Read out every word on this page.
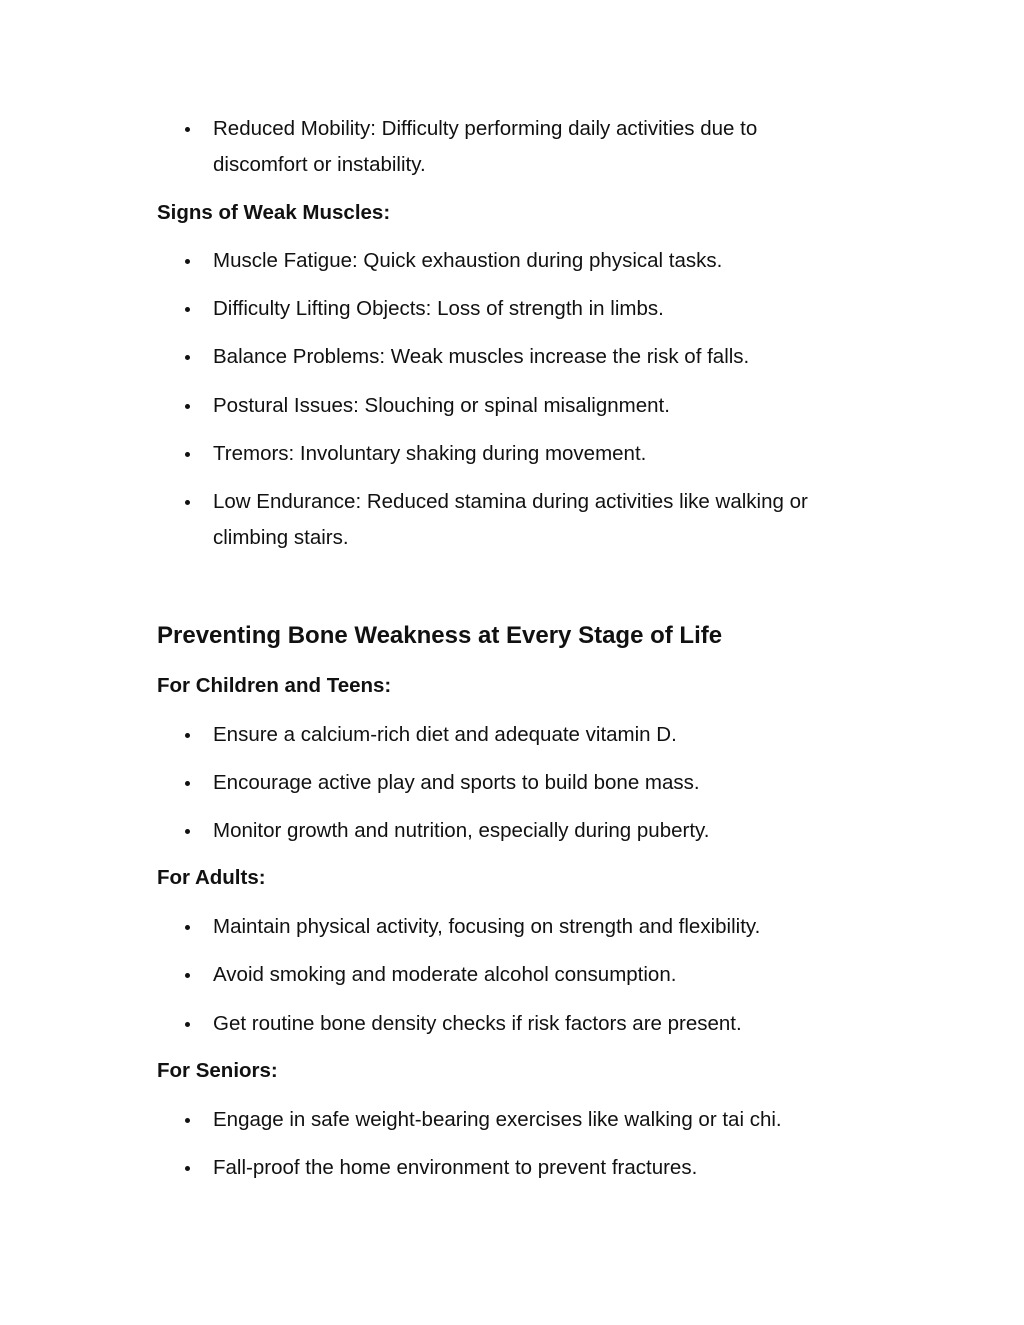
Reduced Mobility: Difficulty performing daily activities due to discomfort or instability.
Signs of Weak Muscles:
Muscle Fatigue: Quick exhaustion during physical tasks.
Difficulty Lifting Objects: Loss of strength in limbs.
Balance Problems: Weak muscles increase the risk of falls.
Postural Issues: Slouching or spinal misalignment.
Tremors: Involuntary shaking during movement.
Low Endurance: Reduced stamina during activities like walking or climbing stairs.
Preventing Bone Weakness at Every Stage of Life
For Children and Teens:
Ensure a calcium-rich diet and adequate vitamin D.
Encourage active play and sports to build bone mass.
Monitor growth and nutrition, especially during puberty.
For Adults:
Maintain physical activity, focusing on strength and flexibility.
Avoid smoking and moderate alcohol consumption.
Get routine bone density checks if risk factors are present.
For Seniors:
Engage in safe weight-bearing exercises like walking or tai chi.
Fall-proof the home environment to prevent fractures.
